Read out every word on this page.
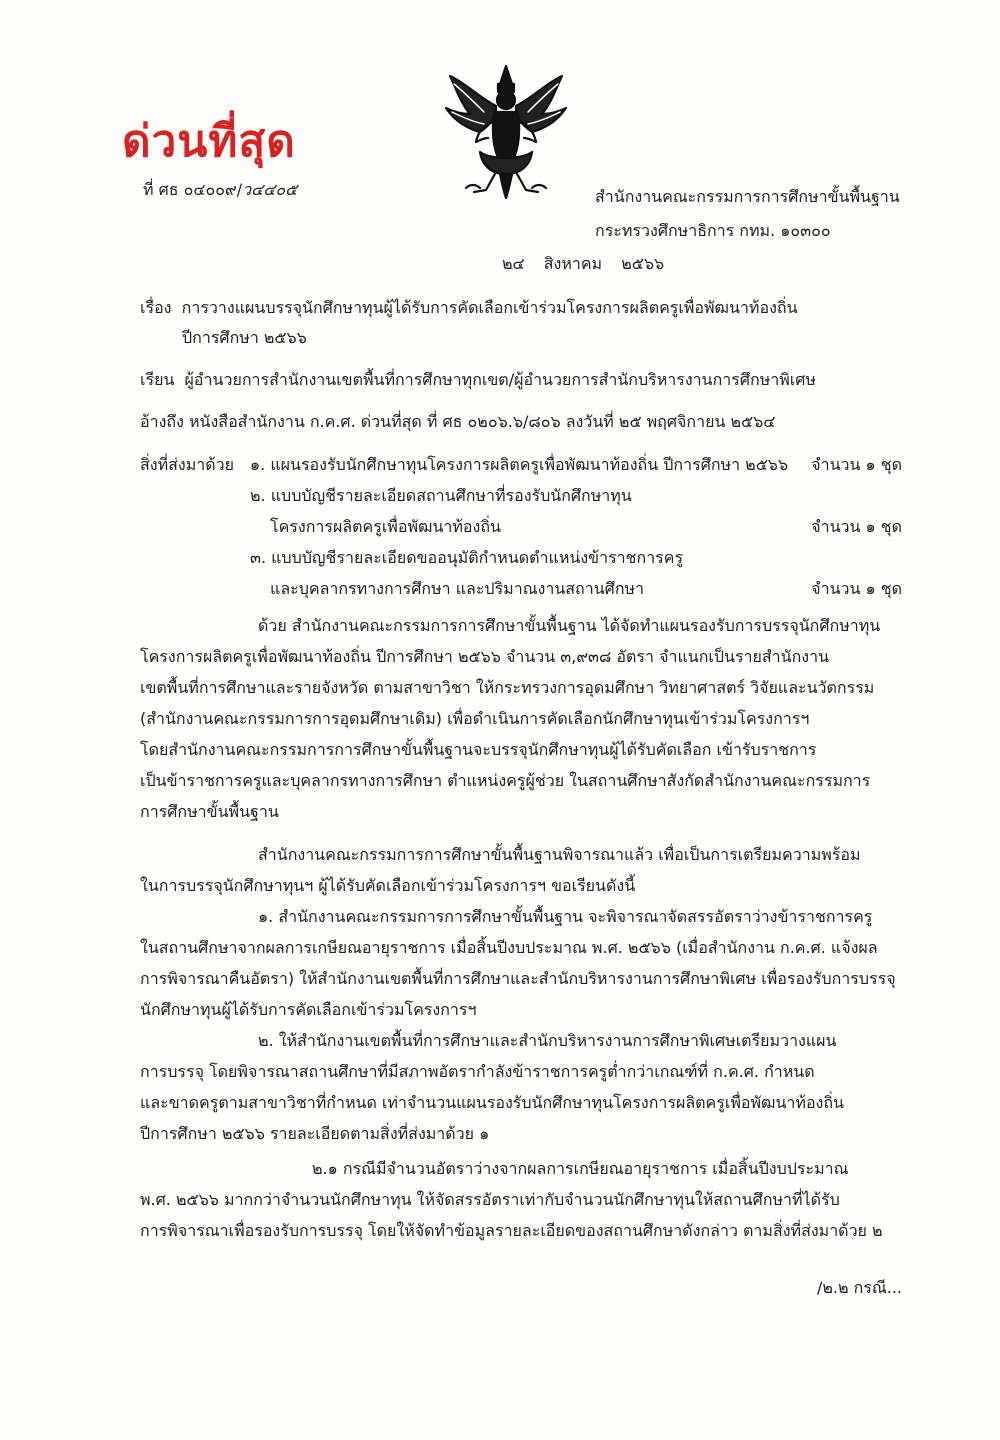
ด่วนที่สุด
ที่ ศธ ๐๔๐๐๙/ว๔๔๐๕	สำนักงานคณะกรรมการการศึกษาขั้นพื้นฐาน
กระทรวงศึกษาธิการ กทม. ๑๐๓๐๐
๒๔ สิงหาคม ๒๕๖๖
เรื่อง การวางแผนบรรจุนักศึกษาทุนผู้ได้รับการคัดเลือกเข้าร่วมโครงการผลิตครูเพื่อพัฒนาท้องถิ่น
ปีการศึกษา ๒๕๖๖
เรียน ผู้อำนวยการสำนักงานเขตพื้นที่การศึกษาทุกเขต/ผู้อำนวยการสำนักบริหารงานการศึกษาพิเศษ
อ้างถึง หนังสือสำนักงาน ก.ค.ศ. ด่วนที่สุด ที่ ศธ ๐๒๐๖.๖/๘๐๖ ลงวันที่ ๒๕ พฤศจิกายน ๒๕๖๔
สิ่งที่ส่งมาด้วย ๑. แผนรองรับนักศึกษาทุนโครงการผลิตครูเพื่อพัฒนาท้องถิ่น ปีการศึกษา ๒๕๖๖ จำนวน ๑ ชุด
๒. แบบบัญชีรายละเอียดสถานศึกษาที่รองรับนักศึกษาทุน
โครงการผลิตครูเพื่อพัฒนาท้องถิ่น	จำนวน ๑ ชุด
๓. แบบบัญชีรายละเอียดขออนุมัติกำหนดตำแหน่งข้าราชการครู
และบุคลากรทางการศึกษา และปริมาณงานสถานศึกษา	จำนวน ๑ ชุด
ด้วย สำนักงานคณะกรรมการการศึกษาขั้นพื้นฐาน ได้จัดทำแผนรองรับการบรรจุนักศึกษาทุน
โครงการผลิตครูเพื่อพัฒนาท้องถิ่น ปีการศึกษา ๒๕๖๖ จำนวน ๓,๙๓๘ อัตรา จำแนกเป็นรายสำนักงาน
เขตพื้นที่การศึกษาและรายจังหวัด ตามสาขาวิชา ให้กระทรวงการอุดมศึกษา วิทยาศาสตร์ วิจัยและนวัตกรรม
(สำนักงานคณะกรรมการการอุดมศึกษาเดิม) เพื่อดำเนินการคัดเลือกนักศึกษาทุนเข้าร่วมโครงการฯ
โดยสำนักงานคณะกรรมการการศึกษาขั้นพื้นฐานจะบรรจุนักศึกษาทุนผู้ได้รับคัดเลือก เข้ารับราชการ
เป็นข้าราชการครูและบุคลากรทางการศึกษา ตำแหน่งครูผู้ช่วย ในสถานศึกษาสังกัดสำนักงานคณะกรรมการ
การศึกษาขั้นพื้นฐาน
สำนักงานคณะกรรมการการศึกษาขั้นพื้นฐานพิจารณาแล้ว เพื่อเป็นการเตรียมความพร้อม
ในการบรรจุนักศึกษาทุนฯ ผู้ได้รับคัดเลือกเข้าร่วมโครงการฯ ขอเรียนดังนี้
๑. สำนักงานคณะกรรมการการศึกษาขั้นพื้นฐาน จะพิจารณาจัดสรรอัตราว่างข้าราชการครู
ในสถานศึกษาจากผลการเกษียณอายุราชการ เมื่อสิ้นปีงบประมาณ พ.ศ. ๒๕๖๖ (เมื่อสำนักงาน ก.ค.ศ. แจ้งผล
การพิจารณาคืนอัตรา) ให้สำนักงานเขตพื้นที่การศึกษาและสำนักบริหารงานการศึกษาพิเศษ เพื่อรองรับการบรรจุ
นักศึกษาทุนผู้ได้รับการคัดเลือกเข้าร่วมโครงการฯ
๒. ให้สำนักงานเขตพื้นที่การศึกษาและสำนักบริหารงานการศึกษาพิเศษเตรียมวางแผน
การบรรจุ โดยพิจารณาสถานศึกษาที่มีสภาพอัตรากำลังข้าราชการครูต่ำกว่าเกณฑ์ที่ ก.ค.ศ. กำหนด
และขาดครูตามสาขาวิชาที่กำหนด เท่าจำนวนแผนรองรับนักศึกษาทุนโครงการผลิตครูเพื่อพัฒนาท้องถิ่น
ปีการศึกษา ๒๕๖๖ รายละเอียดตามสิ่งที่ส่งมาด้วย ๑
๒.๑ กรณีมีจำนวนอัตราว่างจากผลการเกษียณอายุราชการ เมื่อสิ้นปีงบประมาณ
พ.ศ. ๒๕๖๖ มากกว่าจำนวนนักศึกษาทุน ให้จัดสรรอัตราเท่ากับจำนวนนักศึกษาทุนให้สถานศึกษาที่ได้รับ
การพิจารณาเพื่อรองรับการบรรจุ โดยให้จัดทำข้อมูลรายละเอียดของสถานศึกษาดังกล่าว ตามสิ่งที่ส่งมาด้วย ๒
/๒.๒ กรณี...
